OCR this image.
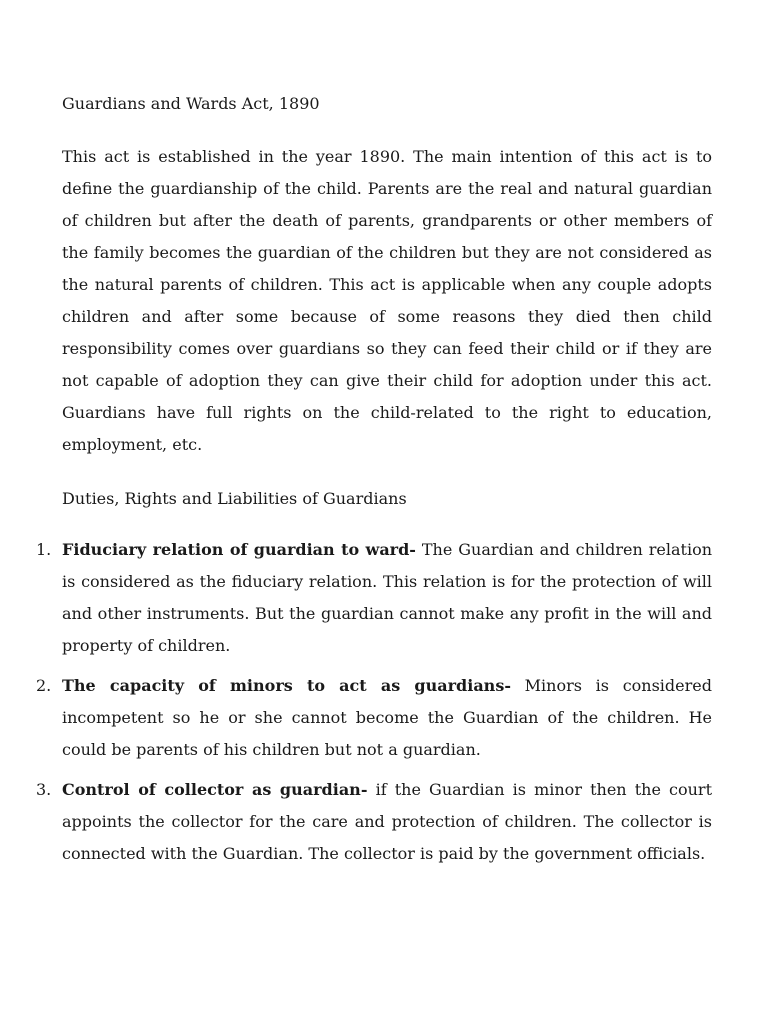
Guardians and Wards Act, 1890

This act is established in the year 1890. The main intention of this act is to define the guardianship of the child. Parents are the real and natural guardian of children but after the death of parents, grandparents or other members of the family becomes the guardian of the children but they are not considered as the natural parents of children. This act is applicable when any couple adopts children and after some because of some reasons they died then child responsibility comes over guardians so they can feed their child or if they are not capable of adoption they can give their child for adoption under this act. Guardians have full rights on the child-related to the right to education, employment, etc.

Duties, Rights and Liabilities of Guardians

1. Fiduciary relation of guardian to ward- The Guardian and children relation is considered as the fiduciary relation. This relation is for the protection of will and other instruments. But the guardian cannot make any profit in the will and property of children.
2. The capacity of minors to act as guardians- Minors is considered incompetent so he or she cannot become the Guardian of the children. He could be parents of his children but not a guardian.
3. Control of collector as guardian- if the Guardian is minor then the court appoints the collector for the care and protection of children. The collector is connected with the Guardian. The collector is paid by the government officials.
